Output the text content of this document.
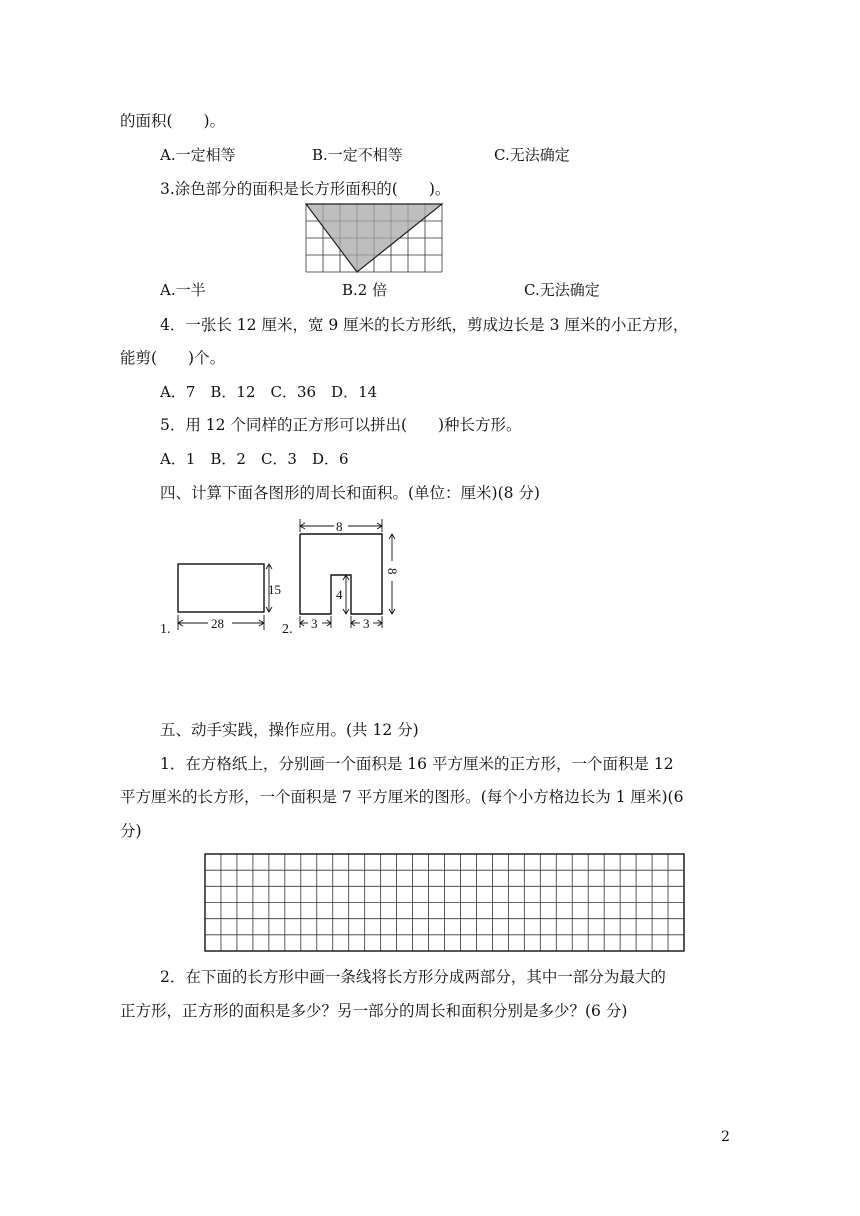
的面积(　　)。
A.一定相等	B.一定不相等	C.无法确定
3.涂色部分的面积是长方形面积的(　　)。
A.一半	B.2 倍	C.无法确定
4．一张长 12 厘米，宽 9 厘米的长方形纸，剪成边长是 3 厘米的小正方形，
能剪(　　)个。
A．7　B．12　C．36　D．14
5．用 12 个同样的正方形可以拼出(　　)种长方形。
A．1　B．2　C．3　D．6
四、计算下面各图形的周长和面积。(单位：厘米)(8 分)
15
28
1.
8
8
4
3	3
2.
五、动手实践，操作应用。(共 12 分)
1．在方格纸上，分别画一个面积是 16 平方厘米的正方形，一个面积是 12
平方厘米的长方形，一个面积是 7 平方厘米的图形。(每个小方格边长为 1 厘米)(6
分)
2．在下面的长方形中画一条线将长方形分成两部分，其中一部分为最大的
正方形，正方形的面积是多少？另一部分的周长和面积分别是多少？(6 分)
2
